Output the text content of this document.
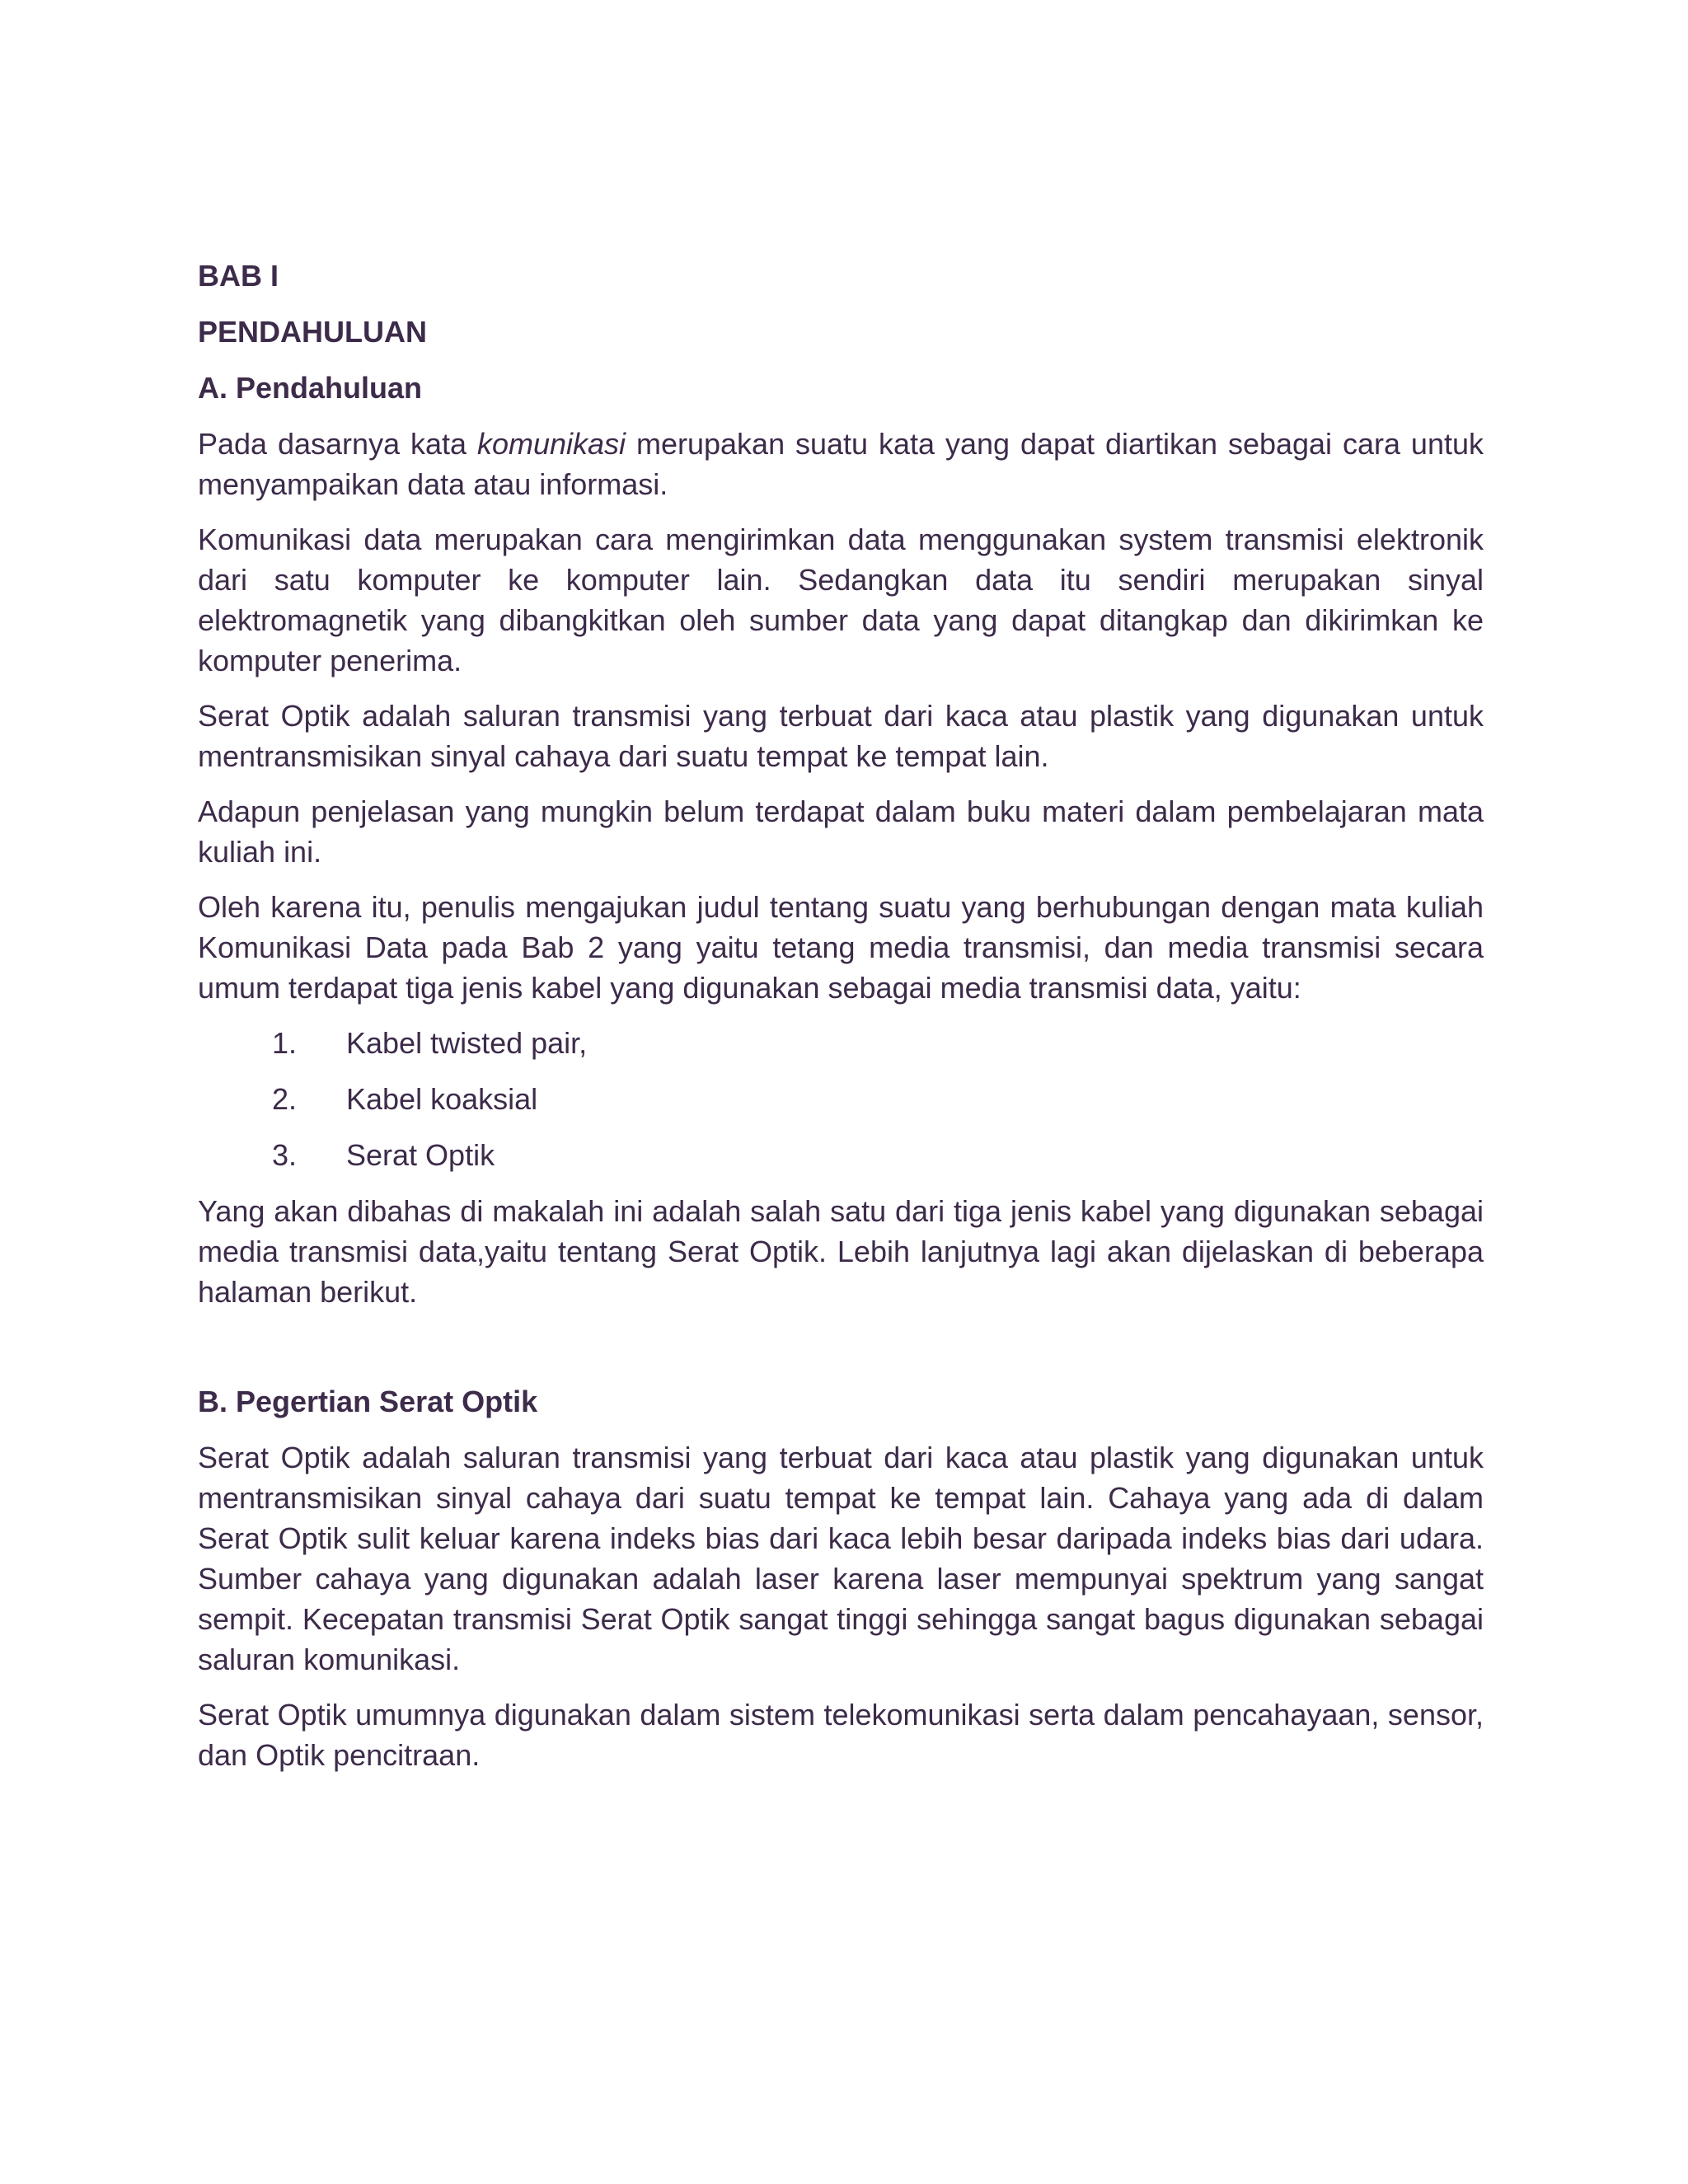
BAB I
PENDAHULUAN
A. Pendahuluan

Pada dasarnya kata komunikasi merupakan suatu kata yang dapat diartikan sebagai cara untuk menyampaikan data atau informasi.

Komunikasi data merupakan cara mengirimkan data menggunakan system transmisi elektronik dari satu komputer ke komputer lain. Sedangkan data itu sendiri merupakan sinyal elektromagnetik yang dibangkitkan oleh sumber data yang dapat ditangkap dan dikirimkan ke komputer penerima.

Serat Optik adalah saluran transmisi yang terbuat dari kaca atau plastik yang digunakan untuk mentransmisikan sinyal cahaya dari suatu tempat ke tempat lain.

Adapun penjelasan yang mungkin belum terdapat dalam buku materi dalam pembelajaran mata kuliah ini.

Oleh karena itu, penulis mengajukan judul tentang suatu yang berhubungan dengan mata kuliah Komunikasi Data pada Bab 2 yang yaitu tetang media transmisi, dan media transmisi secara umum terdapat tiga jenis kabel yang digunakan sebagai media transmisi data, yaitu:

1. Kabel twisted pair,
2. Kabel koaksial
3. Serat Optik

Yang akan dibahas di makalah ini adalah salah satu dari tiga jenis kabel yang digunakan sebagai media transmisi data,yaitu tentang Serat Optik. Lebih lanjutnya lagi akan dijelaskan di beberapa halaman berikut.

B. Pegertian Serat Optik

Serat Optik adalah saluran transmisi yang terbuat dari kaca atau plastik yang digunakan untuk mentransmisikan sinyal cahaya dari suatu tempat ke tempat lain. Cahaya yang ada di dalam Serat Optik sulit keluar karena indeks bias dari kaca lebih besar daripada indeks bias dari udara. Sumber cahaya yang digunakan adalah laser karena laser mempunyai spektrum yang sangat sempit. Kecepatan transmisi Serat Optik sangat tinggi sehingga sangat bagus digunakan sebagai saluran komunikasi.

Serat Optik umumnya digunakan dalam sistem telekomunikasi serta dalam pencahayaan, sensor, dan Optik pencitraan.
